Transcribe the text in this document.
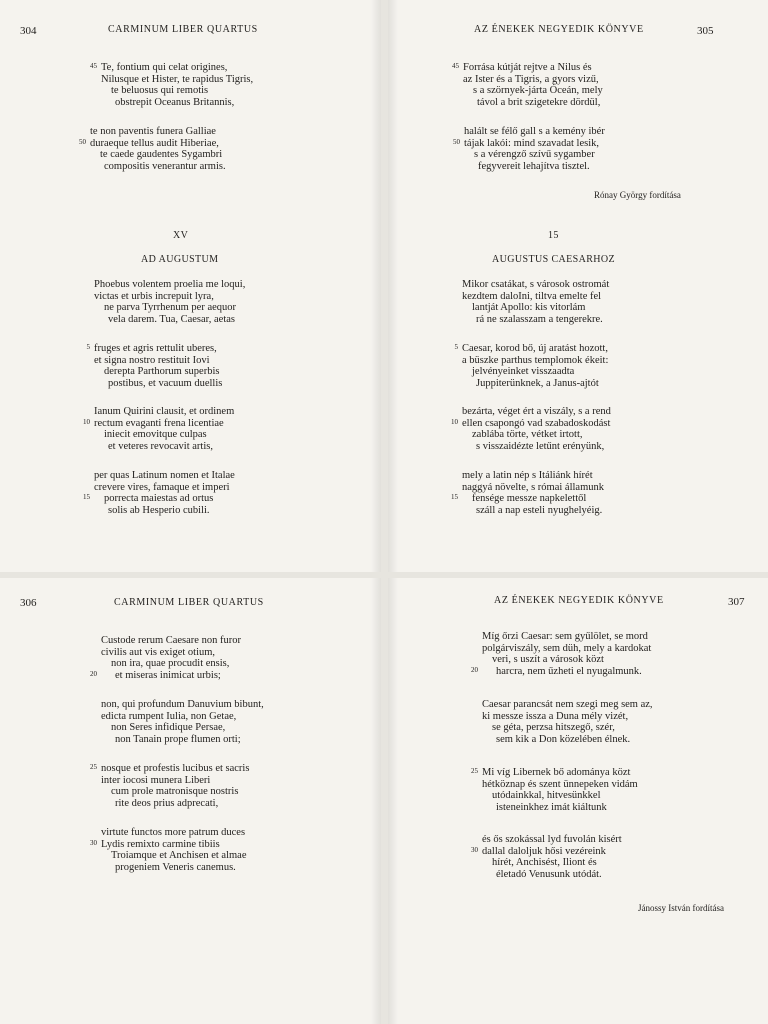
304	CARMINUM LIBER QUARTUS
45 Te, fontium qui celat origines,
Nilusque et Hister, te rapidus Tigris,
te beluosus qui remotis
obstrepit Oceanus Britannis,
te non paventis funera Galliae
50 duraeque tellus audit Hiberiae,
te caede gaudentes Sygambri
compositis venerantur armis.
XV
AD AUGUSTUM
Phoebus volentem proelia me loqui,
victas et urbis increpuit lyra,
ne parva Tyrrhenum per aequor
vela darem. Tua, Caesar, aetas
5 fruges et agris rettulit uberes,
et signa nostro restituit Iovi
derepta Parthorum superbis
postibus, et vacuum duellis
Ianum Quirini clausit, et ordinem
10 rectum evaganti frena licentiae
iniecit emovitque culpas
et veteres revocavit artis,
per quas Latinum nomen et Italae
crevere vires, famaque et imperi
15 porrecta maiestas ad ortus
solis ab Hesperio cubili.
AZ ÉNEKEK NEGYEDIK KÖNYVE	305
45 Forrása kútját rejtve a Nilus és
az Ister és a Tigris, a gyors vizű,
s a szörnyek-járta Óceán, mely
távol a brit szigetekre dördül,
halált se félő gall s a kemény ibér
50 tájak lakói: mind szavadat lesik,
s a vérengző szívű sygamber
fegyvereit lehajítva tisztel.
Rónay György fordítása
15
AUGUSTUS CAESARHOZ
Mikor csatákat, s városok ostromát
kezdtem daloIni, tiltva emelte fel
lantját Apollo: kis vitorlám
rá ne szalasszam a tengerekre.
5 Caesar, korod bő, új aratást hozott,
a büszke parthus templomok ékeit:
jelvényeinket visszaadta
Juppiterünknek, a Janus-ajtót
bezárta, véget ért a viszály, s a rend
10 ellen csapongó vad szabadoskodást
zablába törte, vétket irtott,
s visszaidézte letűnt erényünk,
mely a latin nép s Itáliánk hírét
naggyá növelte, s római államunk
15 fensége messze napkelettől
száll a nap esteli nyughelyéig.
306	CARMINUM LIBER QUARTUS
Custode rerum Caesare non furor
civilis aut vis exiget otium,
non ira, quae procudit ensis,
20 et miseras inimicat urbis;
non, qui profundum Danuvium bibunt,
edicta rumpent Iulia, non Getae,
non Seres infidique Persae,
non Tanain prope flumen orti;
25 nosque et profestis lucibus et sacris
inter iocosi munera Liberi
cum prole matronisque nostris
rite deos prius adprecati,
virtute functos more patrum duces
30 Lydis remixto carmine tibiis
Troiamque et Anchisen et almae
progeniem Veneris canemus.
AZ ÉNEKEK NEGYEDIK KÖNYVE	307
Míg őrzi Caesar: sem gyűlölet, se mord
polgárviszály, sem düh, mely a kardokat
veri, s uszít a városok közt
20 harcra, nem űzheti el nyugalmunk.
Caesar parancsát nem szegi meg sem az,
ki messze issza a Duna mély vizét,
se géta, perzsa hitszegő, szér,
sem kik a Don közelében élnek.
25 Mi víg Libernek bő adománya közt
hétköznap és szent ünnepeken vidám
utódainkkal, hitvesünkkel
isteneinkhez imát kiáltunk
és ős szokással lyd fuvolán kisért
30 dallal daloljuk hősi vezéreink
hírét, Anchisést, Iliont és
életadó Venusunk utódát.
Jánossy István fordítása
